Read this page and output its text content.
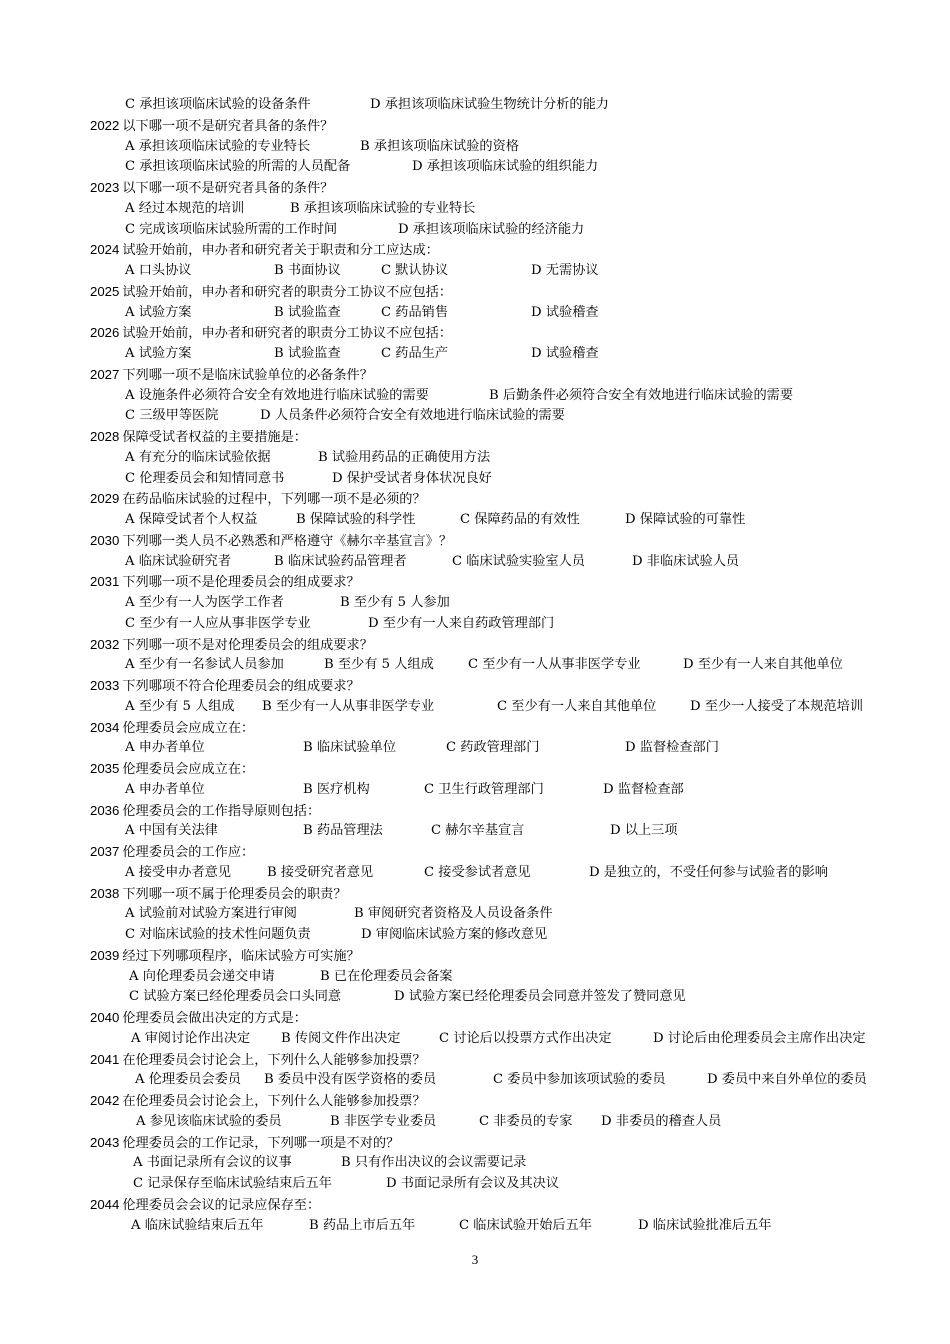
3
C 承担该项临床试验的设备条件	D 承担该项临床试验生物统计分析的能力
2022 以下哪一项不是研究者具备的条件？
A 承担该项临床试验的专业特长	B 承担该项临床试验的资格
C 承担该项临床试验的所需的人员配备	D 承担该项临床试验的组织能力
2023 以下哪一项不是研究者具备的条件？
A 经过本规范的培训	B 承担该项临床试验的专业特长
C 完成该项临床试验所需的工作时间	D 承担该项临床试验的经济能力
2024 试验开始前，申办者和研究者关于职责和分工应达成：
A 口头协议	B 书面协议	C 默认协议	D 无需协议
2025 试验开始前，申办者和研究者的职责分工协议不应包括：
A 试验方案	B 试验监查	C 药品销售	D 试验稽查
2026 试验开始前，申办者和研究者的职责分工协议不应包括：
A 试验方案	B 试验监查	C 药品生产	D 试验稽查
2027 下列哪一项不是临床试验单位的必备条件？
A 设施条件必须符合安全有效地进行临床试验的需要	B 后勤条件必须符合安全有效地进行临床试验的需要
C 三级甲等医院	D 人员条件必须符合安全有效地进行临床试验的需要
2028 保障受试者权益的主要措施是：
A 有充分的临床试验依据	B 试验用药品的正确使用方法
C 伦理委员会和知情同意书	D 保护受试者身体状况良好
2029 在药品临床试验的过程中，下列哪一项不是必须的？
A 保障受试者个人权益	B 保障试验的科学性	C 保障药品的有效性	D 保障试验的可靠性
2030 下列哪一类人员不必熟悉和严格遵守《赫尔辛基宣言》？
A 临床试验研究者	B 临床试验药品管理者	C 临床试验实验室人员	D 非临床试验人员
2031 下列哪一项不是伦理委员会的组成要求？
A 至少有一人为医学工作者	B 至少有 5 人参加
C 至少有一人应从事非医学专业	D 至少有一人来自药政管理部门
2032 下列哪一项不是对伦理委员会的组成要求？
A 至少有一名参试人员参加	B 至少有 5 人组成	C 至少有一人从事非医学专业	D 至少有一人来自其他单位
2033 下列哪项不符合伦理委员会的组成要求？
A 至少有 5 人组成 B 至少有一人从事非医学专业	C 至少有一人来自其他单位	D 至少一人接受了本规范培训
2034 伦理委员会应成立在：
A 申办者单位	B 临床试验单位	C 药政管理部门	D 监督检查部门
2035 伦理委员会应成立在：
A 申办者单位	B 医疗机构	C 卫生行政管理部门	D 监督检查部
2036 伦理委员会的工作指导原则包括：
A 中国有关法律	B 药品管理法	C 赫尔辛基宣言	D 以上三项
2037 伦理委员会的工作应：
A 接受申办者意见	B 接受研究者意见	C 接受参试者意见	D 是独立的，不受任何参与试验者的影响
2038 下列哪一项不属于伦理委员会的职责？
A 试验前对试验方案进行审阅	B 审阅研究者资格及人员设备条件
C 对临床试验的技术性问题负责	D 审阅临床试验方案的修改意见
2039 经过下列哪项程序，临床试验方可实施？
A 向伦理委员会递交申请	B 已在伦理委员会备案
C 试验方案已经伦理委员会口头同意	D 试验方案已经伦理委员会同意并签发了赞同意见
2040 伦理委员会做出决定的方式是：
A 审阅讨论作出决定 B 传阅文件作出决定	C 讨论后以投票方式作出决定	D 讨论后由伦理委员会主席作出决定
2041 在伦理委员会讨论会上，下列什么人能够参加投票？
A 伦理委员会委员 B 委员中没有医学资格的委员	C 委员中参加该项试验的委员	D 委员中来自外单位的委员
2042 在伦理委员会讨论会上，下列什么人能够参加投票？
A 参见该临床试验的委员	B 非医学专业委员	C 非委员的专家 D 非委员的稽查人员
2043 伦理委员会的工作记录，下列哪一项是不对的？
A 书面记录所有会议的议事	B 只有作出决议的会议需要记录
C 记录保存至临床试验结束后五年	D 书面记录所有会议及其决议
2044 伦理委员会会议的记录应保存至：
A 临床试验结束后五年	B 药品上市后五年	C 临床试验开始后五年	D 临床试验批准后五年
